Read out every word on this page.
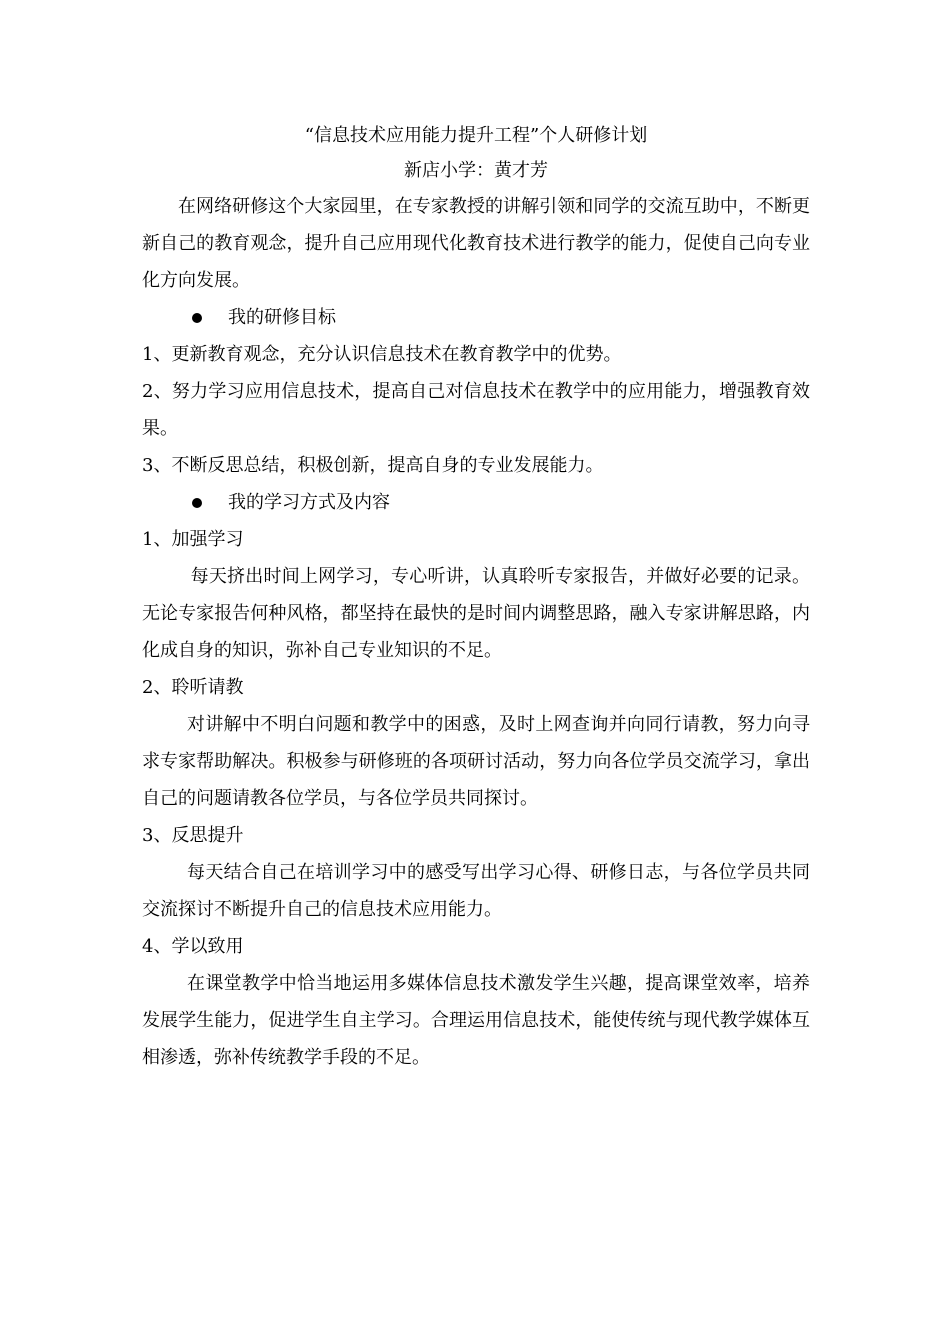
“信息技术应用能力提升工程”个人研修计划

新店小学：黄才芳

在网络研修这个大家园里，在专家教授的讲解引领和同学的交流互助中，不断更新自己的教育观念，提升自己应用现代化教育技术进行教学的能力，促使自己向专业化方向发展。

我的研修目标

1、更新教育观念，充分认识信息技术在教育教学中的优势。

2、努力学习应用信息技术，提高自己对信息技术在教学中的应用能力，增强教育效果。

3、不断反思总结，积极创新，提高自身的专业发展能力。

我的学习方式及内容

1、加强学习

每天挤出时间上网学习，专心听讲，认真聆听专家报告，并做好必要的记录。无论专家报告何种风格，都坚持在最快的是时间内调整思路，融入专家讲解思路，内化成自身的知识，弥补自己专业知识的不足。

2、聆听请教

对讲解中不明白问题和教学中的困惑，及时上网查询并向同行请教，努力向寻求专家帮助解决。积极参与研修班的各项研讨活动，努力向各位学员交流学习，拿出自己的问题请教各位学员，与各位学员共同探讨。

3、反思提升

每天结合自己在培训学习中的感受写出学习心得、研修日志，与各位学员共同交流探讨不断提升自己的信息技术应用能力。

4、学以致用

在课堂教学中恰当地运用多媒体信息技术激发学生兴趣，提高课堂效率，培养发展学生能力，促进学生自主学习。合理运用信息技术，能使传统与现代教学媒体互相渗透，弥补传统教学手段的不足。
